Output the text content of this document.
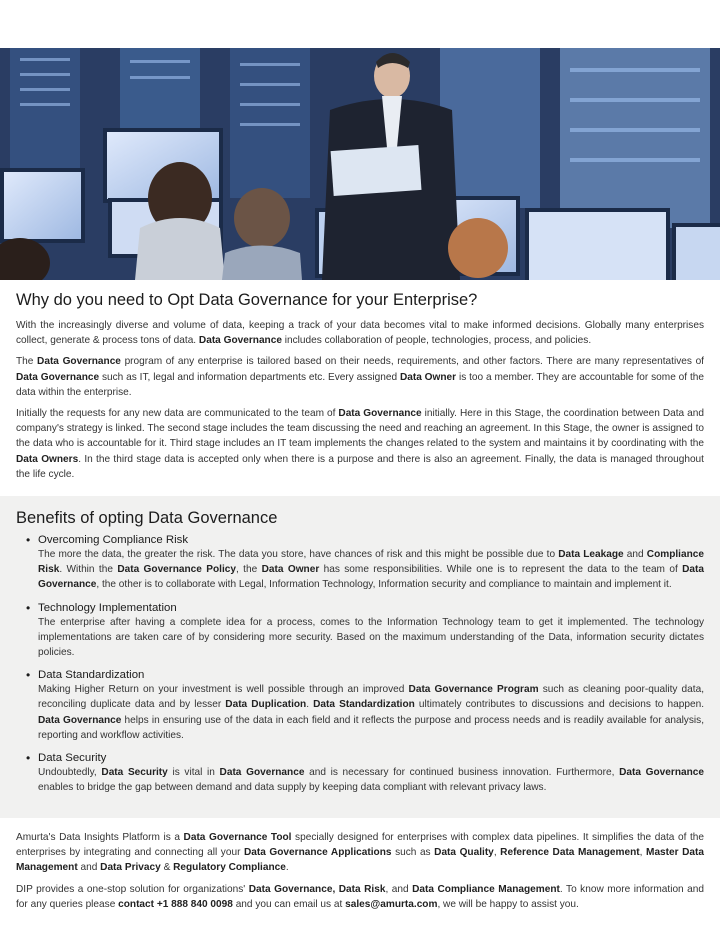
Why do you need to Opt Data Governance for your Enterprise?

With the increasingly diverse and volume of data, keeping a track of your data becomes vital to make informed decisions. Globally many enterprises collect, generate & process tons of data. Data Governance includes collaboration of people, technologies, process, and policies.

The Data Governance program of any enterprise is tailored based on their needs, requirements, and other factors. There are many representatives of Data Governance such as IT, legal and information departments etc. Every assigned Data Owner is too a member. They are accountable for some of the data within the enterprise.

Initially the requests for any new data are communicated to the team of Data Governance initially. Here in this Stage, the coordination between Data and company's strategy is linked. The second stage includes the team discussing the need and reaching an agreement. In this Stage, the owner is assigned to the data who is accountable for it. Third stage includes an IT team implements the changes related to the system and maintains it by coordinating with the Data Owners. In the third stage data is accepted only when there is a purpose and there is also an agreement. Finally, the data is managed throughout the life cycle.

Benefits of opting Data Governance
• Overcoming Compliance Risk
The more the data, the greater the risk. The data you store, have chances of risk and this might be possible due to Data Leakage and Compliance Risk. Within the Data Governance Policy, the Data Owner has some responsibilities. While one is to represent the data to the team of Data Governance, the other is to collaborate with Legal, Information Technology, Information security and compliance to maintain and implement it.
• Technology Implementation
The enterprise after having a complete idea for a process, comes to the Information Technology team to get it implemented. The technology implementations are taken care of by considering more security. Based on the maximum understanding of the Data, information security dictates policies.
• Data Standardization
Making Higher Return on your investment is well possible through an improved Data Governance Program such as cleaning poor-quality data, reconciling duplicate data and by lesser Data Duplication. Data Standardization ultimately contributes to discussions and decisions to happen. Data Governance helps in ensuring use of the data in each field and it reflects the purpose and process needs and is readily available for analysis, reporting and workflow activities.
• Data Security
Undoubtedly, Data Security is vital in Data Governance and is necessary for continued business innovation. Furthermore, Data Governance enables to bridge the gap between demand and data supply by keeping data compliant with relevant privacy laws.

Amurta's Data Insights Platform is a Data Governance Tool specially designed for enterprises with complex data pipelines. It simplifies the data of the enterprises by integrating and connecting all your Data Governance Applications such as Data Quality, Reference Data Management, Master Data Management and Data Privacy & Regulatory Compliance.

DIP provides a one-stop solution for organizations' Data Governance, Data Risk, and Data Compliance Management. To know more information and for any queries please contact +1 888 840 0098 and you can email us at sales@amurta.com, we will be happy to assist you.
